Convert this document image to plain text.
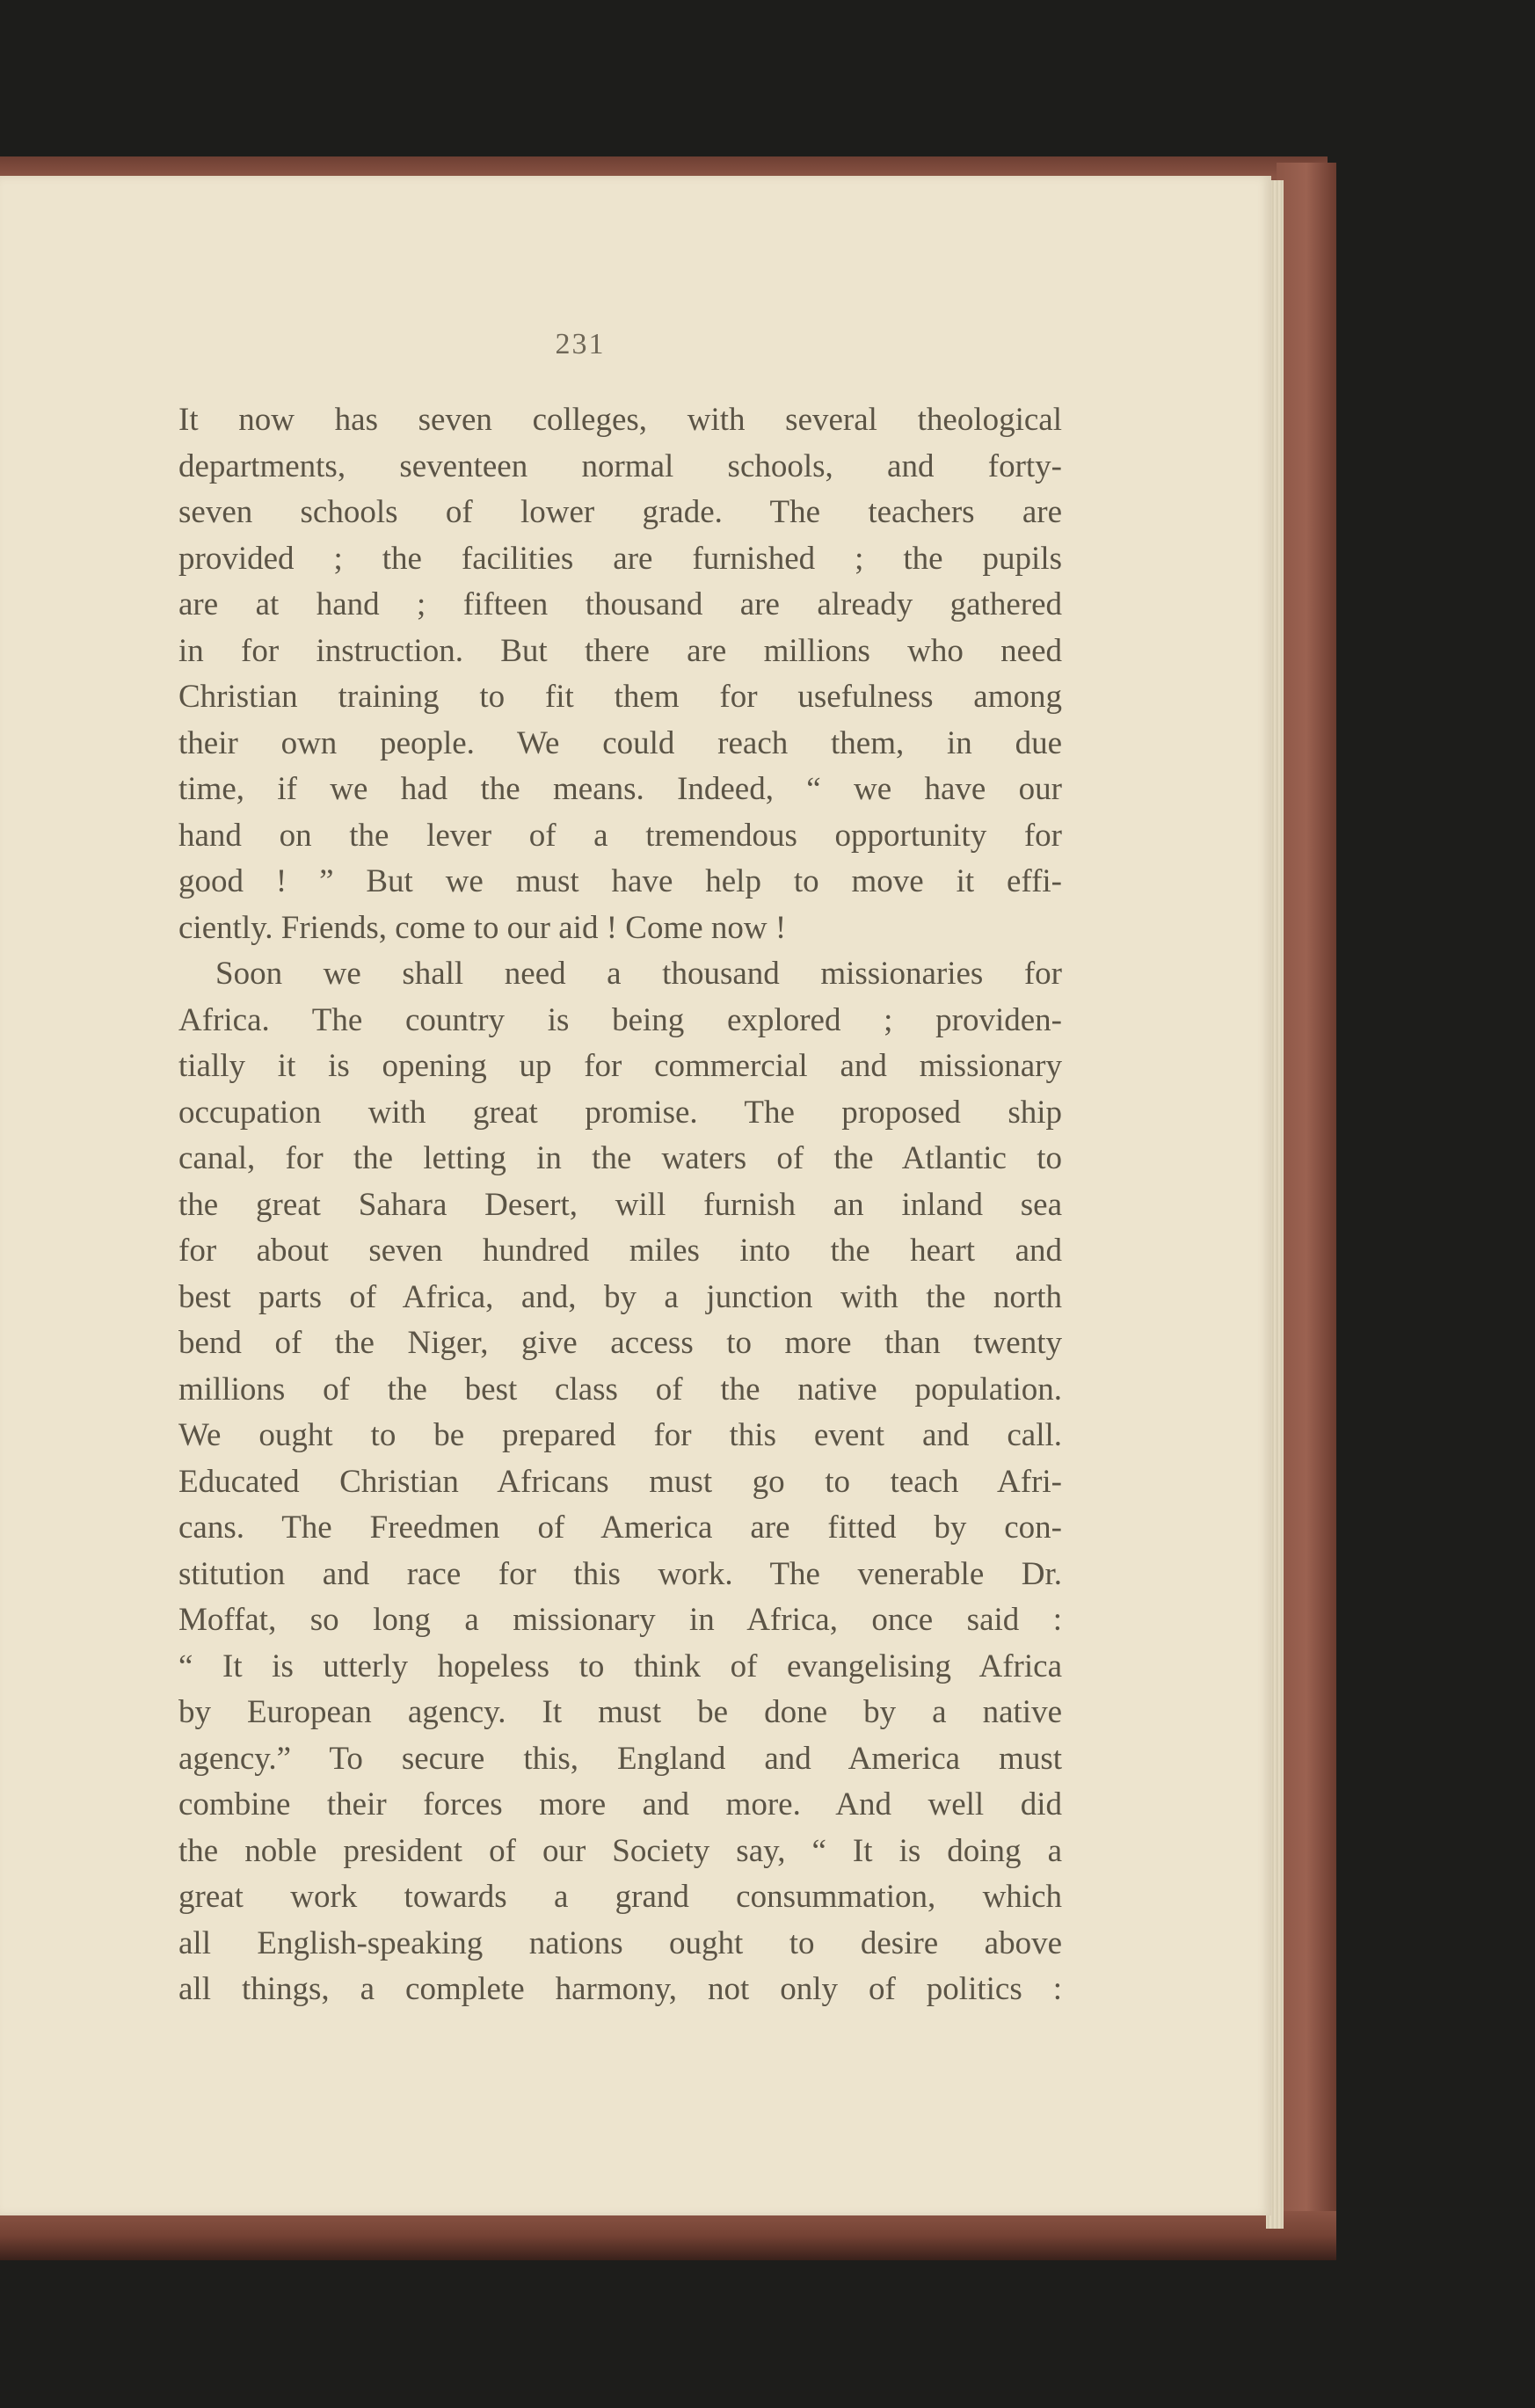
231
It now has seven colleges, with several theological
departments, seventeen normal schools, and forty-
seven schools of lower grade. The teachers are
provided ; the facilities are furnished ; the pupils
are at hand ; fifteen thousand are already gathered
in for instruction. But there are millions who need
Christian training to fit them for usefulness among
their own people. We could reach them, in due
time, if we had the means. Indeed, “ we have our
hand on the lever of a tremendous opportunity for
good ! ” But we must have help to move it effi-
ciently. Friends, come to our aid ! Come now !
Soon we shall need a thousand missionaries for
Africa. The country is being explored ; providen-
tially it is opening up for commercial and missionary
occupation with great promise. The proposed ship
canal, for the letting in the waters of the Atlantic to
the great Sahara Desert, will furnish an inland sea
for about seven hundred miles into the heart and
best parts of Africa, and, by a junction with the north
bend of the Niger, give access to more than twenty
millions of the best class of the native population.
We ought to be prepared for this event and call.
Educated Christian Africans must go to teach Afri-
cans. The Freedmen of America are fitted by con-
stitution and race for this work. The venerable Dr.
Moffat, so long a missionary in Africa, once said :
“ It is utterly hopeless to think of evangelising Africa
by European agency. It must be done by a native
agency.” To secure this, England and America must
combine their forces more and more. And well did
the noble president of our Society say, “ It is doing a
great work towards a grand consummation, which
all English-speaking nations ought to desire above
all things, a complete harmony, not only of politics :
